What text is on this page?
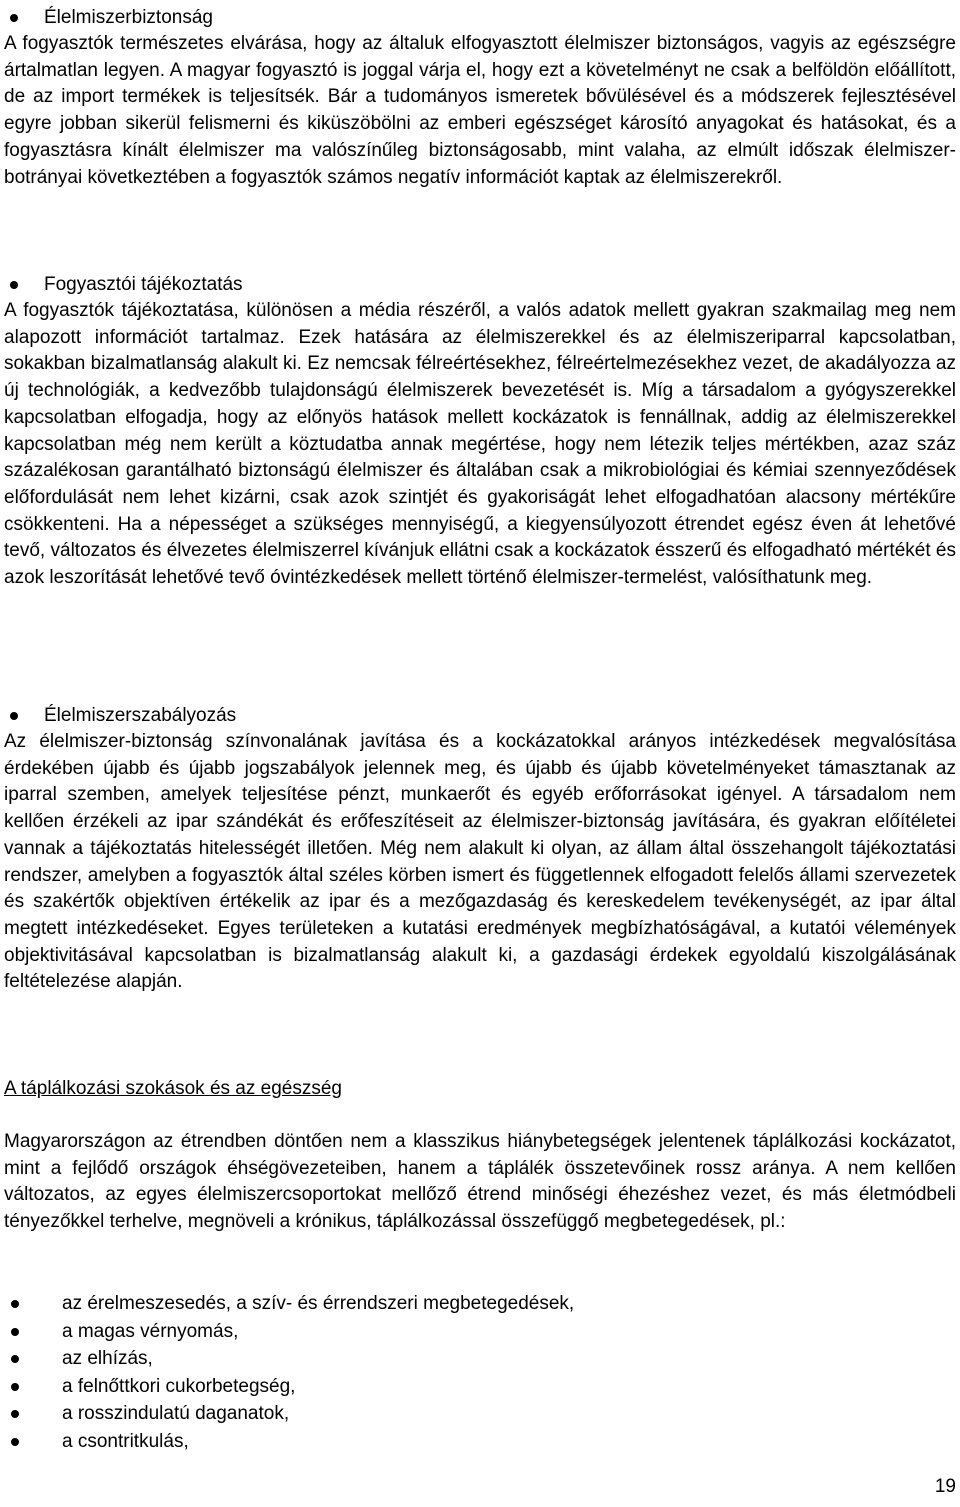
Élelmiszerbiztonság

A fogyasztók természetes elvárása, hogy az általuk elfogyasztott élelmiszer biztonságos, vagyis az egészségre ártalmatlan legyen. A magyar fogyasztó is joggal várja el, hogy ezt a követelményt ne csak a belföldön előállított, de az import termékek is teljesítsék. Bár a tudományos ismeretek bővülésével és a módszerek fejlesztésével egyre jobban sikerül felismerni és kiküszöbölni az emberi egészséget károsító anyagokat és hatásokat, és a fogyasztásra kínált élelmiszer ma valószínűleg biztonságosabb, mint valaha, az elmúlt időszak élelmiszer-botrányai következtében a fogyasztók számos negatív információt kaptak az élelmiszerekről.

Fogyasztói tájékoztatás

A fogyasztók tájékoztatása, különösen a média részéről, a valós adatok mellett gyakran szakmailag meg nem alapozott információt tartalmaz. Ezek hatására az élelmiszerekkel és az élelmiszeriparral kapcsolatban, sokakban bizalmatlanság alakult ki. Ez nemcsak félreértésekhez, félreértelmezésekhez vezet, de akadályozza az új technológiák, a kedvezőbb tulajdonságú élelmiszerek bevezetését is. Míg a társadalom a gyógyszerekkel kapcsolatban elfogadja, hogy az előnyös hatások mellett kockázatok is fennállnak, addig az élelmiszerekkel kapcsolatban még nem került a köztudatba annak megértése, hogy nem létezik teljes mértékben, azaz száz százalékosan garantálható biztonságú élelmiszer és általában csak a mikrobiológiai és kémiai szennyeződések előfordulását nem lehet kizárni, csak azok szintjét és gyakoriságát lehet elfogadhatóan alacsony mértékűre csökkenteni. Ha a népességet a szükséges mennyiségű, a kiegyensúlyozott étrendet egész éven át lehetővé tevő, változatos és élvezetes élelmiszerrel kívánjuk ellátni csak a kockázatok ésszerű és elfogadható mértékét és azok leszorítását lehetővé tevő óvintézkedések mellett történő élelmiszer-termelést, valósíthatunk meg.

Élelmiszerszabályozás

Az élelmiszer-biztonság színvonalának javítása és a kockázatokkal arányos intézkedések megvalósítása érdekében újabb és újabb jogszabályok jelennek meg, és újabb és újabb követelményeket támasztanak az iparral szemben, amelyek teljesítése pénzt, munkaerőt és egyéb erőforrásokat igényel. A társadalom nem kellően érzékeli az ipar szándékát és erőfeszítéseit az élelmiszer-biztonság javítására, és gyakran előítéletei vannak a tájékoztatás hitelességét illetően. Még nem alakult ki olyan, az állam által összehangolt tájékoztatási rendszer, amelyben a fogyasztók által széles körben ismert és függetlennek elfogadott felelős állami szervezetek és szakértők objektíven értékelik az ipar és a mezőgazdaság és kereskedelem tevékenységét, az ipar által megtett intézkedéseket. Egyes területeken a kutatási eredmények megbízhatóságával, a kutatói vélemények objektivitásával kapcsolatban is bizalmatlanság alakult ki, a gazdasági érdekek egyoldalú kiszolgálásának feltételezése alapján.

A táplálkozási szokások és az egészség

Magyarországon az étrendben döntően nem a klasszikus hiánybetegségek jelentenek táplálkozási kockázatot, mint a fejlődő országok éhségövezeteiben, hanem a táplálék összetevőinek rossz aránya. A nem kellően változatos, az egyes élelmiszercsoportokat mellőző étrend minőségi éhezéshez vezet, és más életmódbeli tényezőkkel terhelve, megnöveli a krónikus, táplálkozással összefüggő megbetegedések, pl.:

az érelmeszesedés, a szív- és érrendszeri megbetegedések,
a magas vérnyomás,
az elhízás,
a felnőttkori cukorbetegség,
a rosszindulatú daganatok,
a csontritkulás,
19
